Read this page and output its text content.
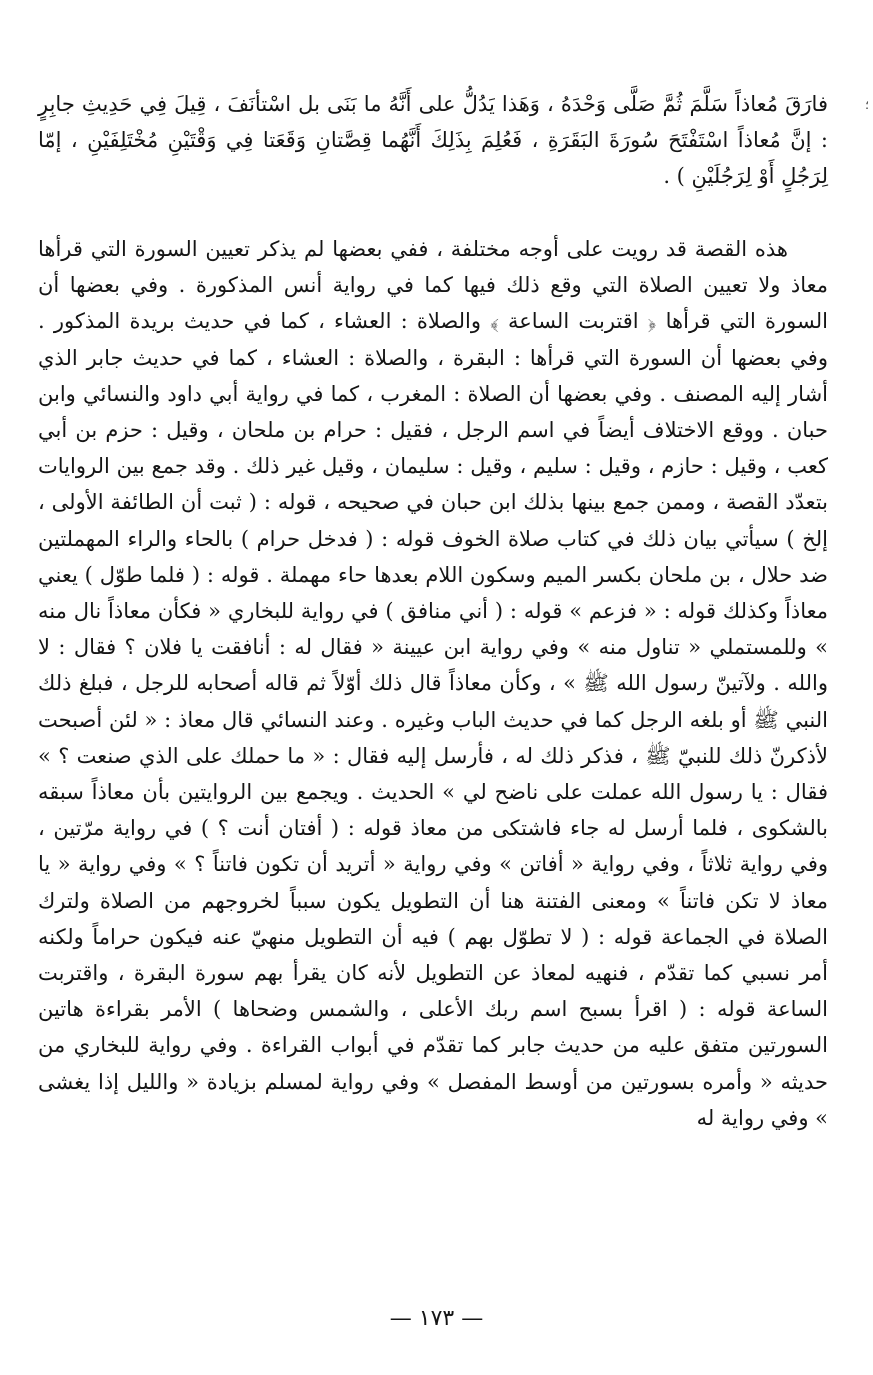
؛

فارَقَ مُعاذاً سَلَّمَ ثُمَّ صَلَّى وَحْدَهُ ، وَهَذا يَدُلُّ على أَنَّهُ ما بَنَى بل اسْتأنَفَ ، قِيلَ فِي حَدِيثِ جابِرٍ : إنَّ مُعاذاً اسْتَفْتَحَ سُورَةَ البَقَرَةِ ، فَعُلِمَ بِذَلِكَ أَنَّهُما قِصَّتانِ وَقَعَتا فِي وَقْتَيْنِ مُخْتَلِفَيْنِ ، إمّا لِرَجُلٍ أَوْ لِرَجُلَيْنِ ) .

هذه القصة قد رويت على أوجه مختلفة ، ففي بعضها لم يذكر تعيين السورة التي قرأها معاذ ولا تعيين الصلاة التي وقع ذلك فيها كما في رواية أنس المذكورة . وفي بعضها أن السورة التي قرأها ﴿ اقتربت الساعة ﴾ والصلاة : العشاء ، كما في حديث بريدة المذكور . وفي بعضها أن السورة التي قرأها : البقرة ، والصلاة : العشاء ، كما في حديث جابر الذي أشار إليه المصنف . وفي بعضها أن الصلاة : المغرب ، كما في رواية أبي داود والنسائي وابن حبان . ووقع الاختلاف أيضاً في اسم الرجل ، فقيل : حرام بن ملحان ، وقيل : حزم بن أبي كعب ، وقيل : حازم ، وقيل : سليم ، وقيل : سليمان ، وقيل غير ذلك . وقد جمع بين الروايات بتعدّد القصة ، وممن جمع بينها بذلك ابن حبان في صحيحه ، قوله : ( ثبت أن الطائفة الأولى ، إلخ ) سيأتي بيان ذلك في كتاب صلاة الخوف قوله : ( فدخل حرام ) بالحاء والراء المهملتين ضد حلال ، بن ملحان بكسر الميم وسكون اللام بعدها حاء مهملة . قوله : ( فلما طوّل ) يعني معاذاً وكذلك قوله : « فزعم » قوله : ( أني منافق ) في رواية للبخاري « فكأن معاذاً نال منه » وللمستملي « تناول منه » وفي رواية ابن عيينة « فقال له : أنافقت يا فلان ؟ فقال : لا والله . ولآتينّ رسول الله ﷺ » ، وكأن معاذاً قال ذلك أوّلاً ثم قاله أصحابه للرجل ، فبلغ ذلك النبي ﷺ أو بلغه الرجل كما في حديث الباب وغيره . وعند النسائي قال معاذ : « لئن أصبحت لأذكرنّ ذلك للنبيّ ﷺ ، فذكر ذلك له ، فأرسل إليه فقال : « ما حملك على الذي صنعت ؟ » فقال : يا رسول الله عملت على ناضح لي » الحديث . ويجمع بين الروايتين بأن معاذاً سبقه بالشكوى ، فلما أرسل له جاء فاشتكى من معاذ قوله : ( أفتان أنت ؟ ) في رواية مرّتين ، وفي رواية ثلاثاً ، وفي رواية « أفاتن » وفي رواية « أتريد أن تكون فاتناً ؟ » وفي رواية « يا معاذ لا تكن فاتناً » ومعنى الفتنة هنا أن التطويل يكون سبباً لخروجهم من الصلاة ولترك الصلاة في الجماعة قوله : ( لا تطوّل بهم ) فيه أن التطويل منهيّ عنه فيكون حراماً ولكنه أمر نسبي كما تقدّم ، فنهيه لمعاذ عن التطويل لأنه كان يقرأ بهم سورة البقرة ، واقتربت الساعة قوله : ( اقرأ بسبح اسم ربك الأعلى ، والشمس وضحاها ) الأمر بقراءة هاتين السورتين متفق عليه من حديث جابر كما تقدّم في أبواب القراءة . وفي رواية للبخاري من حديثه « وأمره بسورتين من أوسط المفصل » وفي رواية لمسلم بزيادة « والليل إذا يغشى » وفي رواية له

— ١٧٣ —
